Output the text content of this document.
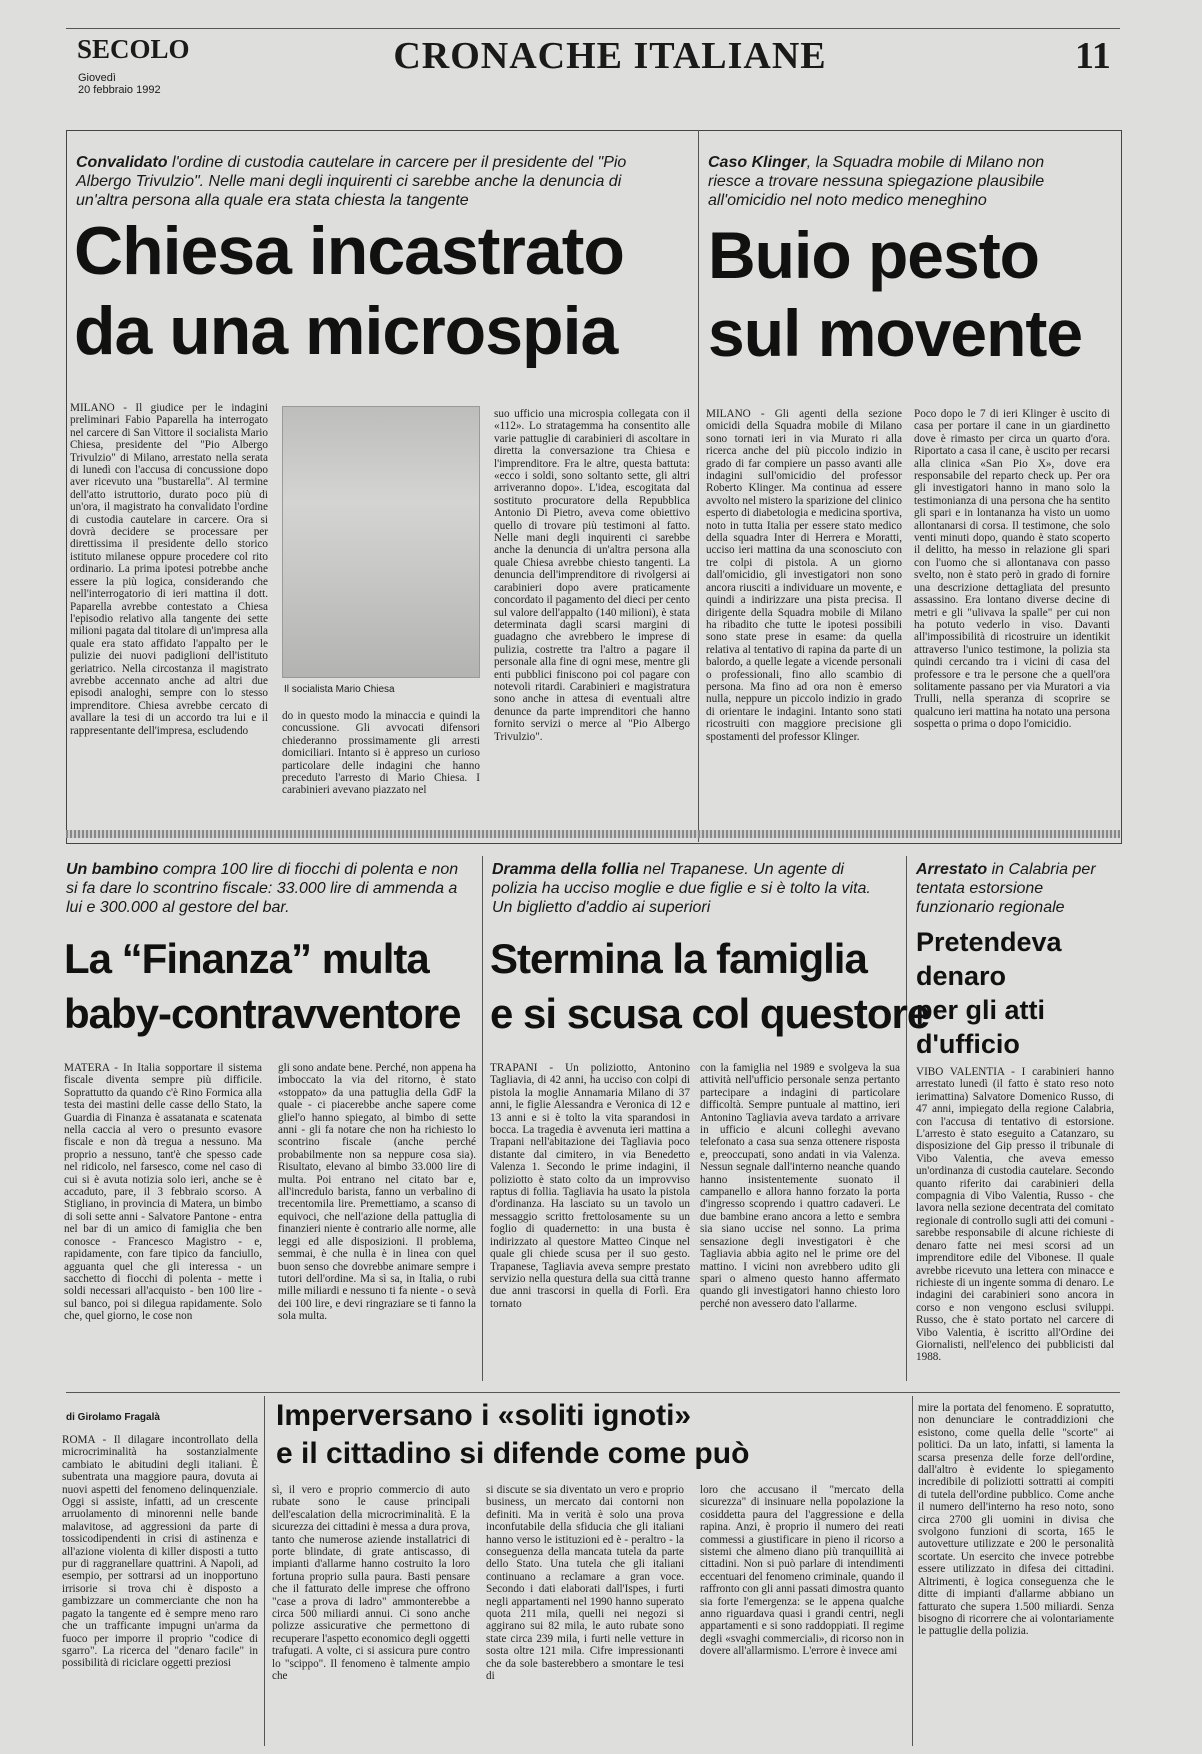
SECOLO
Giovedì
20 febbraio 1992
CRONACHE ITALIANE	11
Convalidato l'ordine di custodia cautelare in carcere per il presidente del "Pio Albergo Trivulzio". Nelle mani degli inquirenti ci sarebbe anche la denuncia di un'altra persona alla quale era stata chiesta la tangente
Chiesa incastrato
da una microspia
MILANO - Il giudice per le indagini preliminari Fabio Paparella ha interrogato nel carcere di San Vittore il socialista Mario Chiesa, presidente del "Pio Albergo Trivulzio" di Milano, arrestato nella serata di lunedì con l'accusa di concussione dopo aver ricevuto una "bustarella". Al termine dell'atto istruttorio, durato poco più di un'ora, il magistrato ha convalidato l'ordine di custodia cautelare in carcere. Ora si dovrà decidere se processare per direttissima il presidente dello storico istituto milanese oppure procedere col rito ordinario. La prima ipotesi potrebbe anche essere la più logica, considerando che nell'interrogatorio di ieri mattina il dott. Paparella avrebbe contestato a Chiesa l'episodio relativo alla tangente dei sette milioni pagata dal titolare di un'impresa alla quale era stato affidato l'appalto per le pulizie dei nuovi padiglioni dell'istituto geriatrico. Nella circostanza il magistrato avrebbe accennato anche ad altri due episodi analoghi, sempre con lo stesso imprenditore. Chiesa avrebbe cercato di avallare la tesi di un accordo tra lui e il rappresentante dell'impresa, escludendo
Il socialista Mario Chiesa
do in questo modo la minaccia e quindi la concussione. Gli avvocati difensori chiederanno prossimamente gli arresti domiciliari. Intanto si è appreso un curioso particolare delle indagini che hanno preceduto l'arresto di Mario Chiesa. I carabinieri avevano piazzato nel
suo ufficio una microspia collegata con il «112». Lo stratagemma ha consentito alle varie pattuglie di carabinieri di ascoltare in diretta la conversazione tra Chiesa e l'imprenditore. Fra le altre, questa battuta: «ecco i soldi, sono soltanto sette, gli altri arriveranno dopo». L'idea, escogitata dal sostituto procuratore della Repubblica Antonio Di Pietro, aveva come obiettivo quello di trovare più testimoni al fatto. Nelle mani degli inquirenti ci sarebbe anche la denuncia di un'altra persona alla quale Chiesa avrebbe chiesto tangenti. La denuncia dell'imprenditore di rivolgersi ai carabinieri dopo avere praticamente concordato il pagamento del dieci per cento sul valore dell'appalto (140 milioni), è stata determinata dagli scarsi margini di guadagno che avrebbero le imprese di pulizia, costrette tra l'altro a pagare il personale alla fine di ogni mese, mentre gli enti pubblici finiscono poi col pagare con notevoli ritardi. Carabinieri e magistratura sono anche in attesa di eventuali altre denunce da parte imprenditori che hanno fornito servizi o merce al "Pio Albergo Trivulzio".
Caso Klinger, la Squadra mobile di Milano non riesce a trovare nessuna spiegazione plausibile all'omicidio nel noto medico meneghino
Buio pesto
sul movente
MILANO - Gli agenti della sezione omicidi della Squadra mobile di Milano sono tornati ieri in via Murato ri alla ricerca anche del più piccolo indizio in grado di far compiere un passo avanti alle indagini sull'omicidio del professor Roberto Klinger. Ma continua ad essere avvolto nel mistero la sparizione del clinico esperto di diabetologia e medicina sportiva, noto in tutta Italia per essere stato medico della squadra Inter di Herrera e Moratti, ucciso ieri mattina da una sconosciuto con tre colpi di pistola. A un giorno dall'omicidio, gli investigatori non sono ancora riusciti a individuare un movente, e quindi a indirizzare una pista precisa. Il dirigente della Squadra mobile di Milano ha ribadito che tutte le ipotesi possibili sono state prese in esame: da quella relativa al tentativo di rapina da parte di un balordo, a quelle legate a vicende personali o professionali, fino allo scambio di persona. Ma fino ad ora non è emerso nulla, neppure un piccolo indizio in grado di orientare le indagini. Intanto sono stati ricostruiti con maggiore precisione gli spostamenti del professor Klinger.
Poco dopo le 7 di ieri Klinger è uscito di casa per portare il cane in un giardinetto dove è rimasto per circa un quarto d'ora. Riportato a casa il cane, è uscito per recarsi alla clinica «San Pio X», dove era responsabile del reparto check up. Per ora gli investigatori hanno in mano solo la testimonianza di una persona che ha sentito gli spari e in lontananza ha visto un uomo allontanarsi di corsa. Il testimone, che solo venti minuti dopo, quando è stato scoperto il delitto, ha messo in relazione gli spari con l'uomo che si allontanava con passo svelto, non è stato però in grado di fornire una descrizione dettagliata del presunto assassino. Era lontano diverse decine di metri e gli "ulivava la spalle" per cui non ha potuto vederlo in viso. Davanti all'impossibilità di ricostruire un identikit attraverso l'unico testimone, la polizia sta quindi cercando tra i vicini di casa del professore e tra le persone che a quell'ora solitamente passano per via Muratori a via Trulli, nella speranza di scoprire se qualcuno ieri mattina ha notato una persona sospetta o prima o dopo l'omicidio.
Un bambino compra 100 lire di fiocchi di polenta e non si fa dare lo scontrino fiscale: 33.000 lire di ammenda a lui e 300.000 al gestore del bar.
La “Finanza” multa
baby-contravventore
MATERA - In Italia sopportare il sistema fiscale diventa sempre più difficile. Soprattutto da quando c'è Rino Formica alla testa dei mastini delle casse dello Stato, la Guardia di Finanza è assatanata e scatenata nella caccia al vero o presunto evasore fiscale e non dà tregua a nessuno. Ma proprio a nessuno, tant'è che spesso cade nel ridicolo, nel farsesco, come nel caso di cui si è avuta notizia solo ieri, anche se è accaduto, pare, il 3 febbraio scorso. A Stigliano, in provincia di Matera, un bimbo di soli sette anni - Salvatore Pantone - entra nel bar di un amico di famiglia che ben conosce - Francesco Magistro - e, rapidamente, con fare tipico da fanciullo, agguanta quel che gli interessa - un sacchetto di fiocchi di polenta - mette i soldi necessari all'acquisto - ben 100 lire - sul banco, poi si dilegua rapidamente. Solo che, quel giorno, le cose non
gli sono andate bene. Perché, non appena ha imboccato la via del ritorno, è stato «stoppato» da una pattuglia della GdF la quale - ci piacerebbe anche sapere come gliel'o hanno spiegato, al bimbo di sette anni - gli fa notare che non ha richiesto lo scontrino fiscale (anche perché probabilmente non sa neppure cosa sia). Risultato, elevano al bimbo 33.000 lire di multa. Poi entrano nel citato bar e, all'incredulo barista, fanno un verbalino di trecentomila lire. Premettiamo, a scanso di equivoci, che nell'azione della pattuglia di finanzieri niente è contrario alle norme, alle leggi ed alle disposizioni. Il problema, semmai, è che nulla è in linea con quel buon senso che dovrebbe animare sempre i tutori dell'ordine. Ma sì sa, in Italia, o rubi mille miliardi e nessuno ti fa niente - o sevà dei 100 lire, e devi ringraziare se ti fanno la sola multa.
Dramma della follia nel Trapanese. Un agente di polizia ha ucciso moglie e due figlie e si è tolto la vita. Un biglietto d'addio ai superiori
Stermina la famiglia
e si scusa col questore
TRAPANI - Un poliziotto, Antonino Tagliavia, di 42 anni, ha ucciso con colpi di pistola la moglie Annamaria Milano di 37 anni, le figlie Alessandra e Veronica di 12 e 13 anni e si è tolto la vita sparandosi in bocca. La tragedia è avvenuta ieri mattina a Trapani nell'abitazione dei Tagliavia poco distante dal cimitero, in via Benedetto Valenza 1. Secondo le prime indagini, il poliziotto è stato colto da un improvviso raptus di follia. Tagliavia ha usato la pistola d'ordinanza. Ha lasciato su un tavolo un messaggio scritto frettolosamente su un foglio di quadernetto: in una busta è indirizzato al questore Matteo Cinque nel quale gli chiede scusa per il suo gesto. Trapanese, Tagliavia aveva sempre prestato servizio nella questura della sua città tranne due anni trascorsi in quella di Forlì. Era tornato
con la famiglia nel 1989 e svolgeva la sua attività nell'ufficio personale senza pertanto partecipare a indagini di particolare difficoltà. Sempre puntuale al mattino, ieri Antonino Tagliavia aveva tardato a arrivare in ufficio e alcuni colleghi avevano telefonato a casa sua senza ottenere risposta e, preoccupati, sono andati in via Valenza. Nessun segnale dall'interno neanche quando hanno insistentemente suonato il campanello e allora hanno forzato la porta d'ingresso scoprendo i quattro cadaveri. Le due bambine erano ancora a letto e sembra sia siano uccise nel sonno. La prima sensazione degli investigatori è che Tagliavia abbia agito nel le prime ore del mattino. I vicini non avrebbero udito gli spari o almeno questo hanno affermato quando gli investigatori hanno chiesto loro perché non avessero dato l'allarme.
Arrestato in Calabria per tentata estorsione funzionario regionale
Pretendeva
denaro
per gli atti
d'ufficio
VIBO VALENTIA - I carabinieri hanno arrestato lunedì (il fatto è stato reso noto ierimattina) Salvatore Domenico Russo, di 47 anni, impiegato della regione Calabria, con l'accusa di tentativo di estorsione. L'arresto è stato eseguito a Catanzaro, su disposizione del Gip presso il tribunale di Vibo Valentia, che aveva emesso un'ordinanza di custodia cautelare. Secondo quanto riferito dai carabinieri della compagnia di Vibo Valentia, Russo - che lavora nella sezione decentrata del comitato regionale di controllo sugli atti dei comuni - sarebbe responsabile di alcune richieste di denaro fatte nei mesi scorsi ad un imprenditore edile del Vibonese. Il quale avrebbe ricevuto una lettera con minacce e richieste di un ingente somma di denaro. Le indagini dei carabinieri sono ancora in corso e non vengono esclusi sviluppi. Russo, che è stato portato nel carcere di Vibo Valentia, è iscritto all'Ordine dei Giornalisti, nell'elenco dei pubblicisti dal 1988.
di Girolamo Fragalà	Imperversano i «soliti ignoti»
e il cittadino si difende come può
ROMA - Il dilagare incontrollato della microcriminalità ha sostanzialmente cambiato le abitudini degli italiani. È subentrata una maggiore paura, dovuta ai nuovi aspetti del fenomeno delinquenziale. Oggi si assiste, infatti, ad un crescente arruolamento di minorenni nelle bande malavitose, ad aggressioni da parte di tossicodipendenti in crisi di astinenza e all'azione violenta di killer disposti a tutto pur di raggranellare quattrini. A Napoli, ad esempio, per sottrarsi ad un inopportuno irrisorie si trova chi è disposto a gambizzare un commerciante che non ha pagato la tangente ed è sempre meno raro che un trafficante impugni un'arma da fuoco per imporre il proprio "codice di sgarro". La ricerca del "denaro facile" in possibilità di riciclare oggetti preziosi
sì, il vero e proprio commercio di auto rubate sono le cause principali dell'escalation della microcriminalità. E la sicurezza dei cittadini è messa a dura prova, tanto che numerose aziende installatrici di porte blindate, di grate antiscasso, di impianti d'allarme hanno costruito la loro fortuna proprio sulla paura. Basti pensare che il fatturato delle imprese che offrono "case a prova di ladro" ammonterebbe a circa 500 miliardi annui. Ci sono anche polizze assicurative che permettono di recuperare l'aspetto economico degli oggetti trafugati. A volte, ci si assicura pure contro lo "scippo". Il fenomeno è talmente ampio che
si discute se sia diventato un vero e proprio business, un mercato dai contorni non definiti. Ma in verità è solo una prova inconfutabile della sfiducia che gli italiani hanno verso le istituzioni ed è - peraltro - la conseguenza della mancata tutela da parte dello Stato. Una tutela che gli italiani continuano a reclamare a gran voce. Secondo i dati elaborati dall'Ispes, i furti negli appartamenti nel 1990 hanno superato quota 211 mila, quelli nei negozi si aggirano sui 82 mila, le auto rubate sono state circa 239 mila, i furti nelle vetture in sosta oltre 121 mila. Cifre impressionanti che da sole basterebbero a smontare le tesi di
loro che accusano il "mercato della sicurezza" di insinuare nella popolazione la cosiddetta paura del l'aggressione e della rapina. Anzi, è proprio il numero dei reati commessi a giustificare in pieno il ricorso a sistemi che almeno diano più tranquillità ai cittadini. Non si può parlare di intendimenti eccentuari del fenomeno criminale, quando il raffronto con gli anni passati dimostra quanto sia forte l'emergenza: se le appena qualche anno riguardava quasi i grandi centri, negli appartamenti e si sono raddoppiati. Il regime degli «svaghi commerciali», di ricorso non in dovere all'allarmismo. L'errore è invece ami
mire la portata del fenomeno. È sopratutto, non denunciare le contraddizioni che esistono, come quella delle "scorte" ai politici. Da un lato, infatti, si lamenta la scarsa presenza delle forze dell'ordine, dall'altro è evidente lo spiegamento incredibile di poliziotti sottratti ai compiti di tutela dell'ordine pubblico. Come anche il numero dell'interno ha reso noto, sono circa 2700 gli uomini in divisa che svolgono funzioni di scorta, 165 le autovetture utilizzate e 200 le personalità scortate. Un esercito che invece potrebbe essere utilizzato in difesa dei cittadini. Altrimenti, è logica conseguenza che le ditte di impianti d'allarme abbiano un fatturato che supera 1.500 miliardi. Senza bisogno di ricorrere che ai volontariamente le pattuglie della polizia.
